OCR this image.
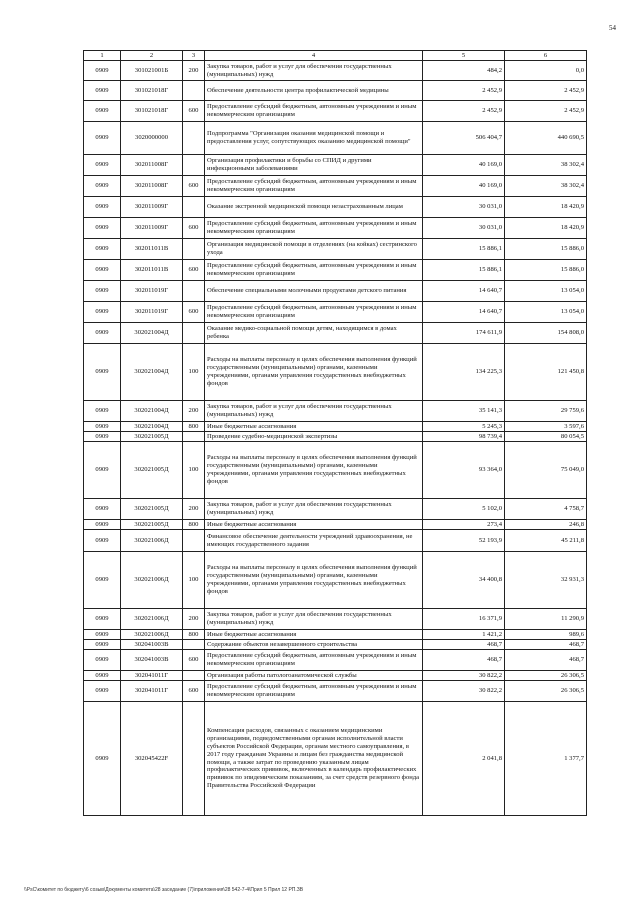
54
1	2	3	4	5	6
0909	301021001Б	200	Закупка товаров, работ и услуг для обеспечения государственных (муниципальных) нужд	484,2	0,0
0909	301021018Г		Обеспечение деятельности центра профилактической медицины	2 452,9	2 452,9
0909	301021018Г	600	Предоставление субсидий бюджетным, автономным учреждениям и иным некоммерческим организациям	2 452,9	2 452,9
0909	3020000000		Подпрограмма "Организация оказания медицинской помощи и предоставления услуг, сопутствующих оказанию медицинской помощи"	506 404,7	440 690,5
0909	302011008Г		Организация профилактики и борьбы со СПИД и другими инфекционными заболеваниями	40 169,0	38 302,4
0909	302011008Г	600	Предоставление субсидий бюджетным, автономным учреждениям и иным некоммерческим организациям	40 169,0	38 302,4
0909	302011009Г		Оказание экстренной медицинской помощи незастрахованным лицам	30 031,0	18 420,9
0909	302011009Г	600	Предоставление субсидий бюджетным, автономным учреждениям и иным некоммерческим организациям	30 031,0	18 420,9
0909	302011011В		Организация медицинской помощи в отделениях (на койках) сестринского ухода	15 886,1	15 886,0
0909	302011011В	600	Предоставление субсидий бюджетным, автономным учреждениям и иным некоммерческим организациям	15 886,1	15 886,0
0909	302011019Г		Обеспечение специальными молочными продуктами детского питания	14 640,7	13 054,0
0909	302011019Г	600	Предоставление субсидий бюджетным, автономным учреждениям и иным некоммерческим организациям	14 640,7	13 054,0
0909	302021004Д		Оказание медико-социальной помощи детям, находящимся в домах ребенка	174 611,9	154 808,0
0909	302021004Д	100	Расходы на выплаты персоналу в целях обеспечения выполнения функций государственными (муниципальными) органами, казенными учреждениями, органами управления государственных внебюджетных фондов	134 225,3	121 450,8
0909	302021004Д	200	Закупка товаров, работ и услуг для обеспечения государственных (муниципальных) нужд	35 141,3	29 759,6
0909	302021004Д	800	Иные бюджетные ассигнования	5 245,3	3 597,6
0909	302021005Д		Проведение судебно-медицинской экспертизы	98 739,4	80 054,5
0909	302021005Д	100	Расходы на выплаты персоналу в целях обеспечения выполнения функций государственными (муниципальными) органами, казенными учреждениями, органами управления государственных внебюджетных фондов	93 364,0	75 049,0
0909	302021005Д	200	Закупка товаров, работ и услуг для обеспечения государственных (муниципальных) нужд	5 102,0	4 758,7
0909	302021005Д	800	Иные бюджетные ассигнования	273,4	246,8
0909	302021006Д		Финансовое обеспечение деятельности учреждений здравоохранения, не имеющих государственного задания	52 193,9	45 211,8
0909	302021006Д	100	Расходы на выплаты персоналу в целях обеспечения выполнения функций государственными (муниципальными) органами, казенными учреждениями, органами управления государственных внебюджетных фондов	34 400,8	32 931,3
0909	302021006Д	200	Закупка товаров, работ и услуг для обеспечения государственных (муниципальных) нужд	16 371,9	11 290,9
0909	302021006Д	800	Иные бюджетные ассигнования	1 421,2	989,6
0909	302041003В		Содержание объектов незавершенного строительства	468,7	468,7
0909	302041003В	600	Предоставление субсидий бюджетным, автономным учреждениям и иным некоммерческим организациям	468,7	468,7
0909	302041011Г		Организация работы патологоанатомической службы	30 822,2	26 306,5
0909	302041011Г	600	Предоставление субсидий бюджетным, автономным учреждениям и иным некоммерческим организациям	30 822,2	26 306,5
0909	302045422F		Компенсация расходов, связанных с оказанием медицинскими организациями, подведомственными органам исполнительной власти субъектов Российской Федерации, органам местного самоуправления, в 2017 году гражданам Украины и лицам без гражданства медицинской помощи, а также затрат по проведению указанным лицам профилактических прививок, включенных в календарь профилактических прививок по эпидемическим показаниям, за счет средств резервного фонда Правительства Российской Федерации	2 041,8	1 377,7
\\PsC\комитет по бюджету\6 созыв\Документы комитета\28 заседание (7)\приложения\28 542-7-4\Прил 5 Прил 12 РП.ЗВ
